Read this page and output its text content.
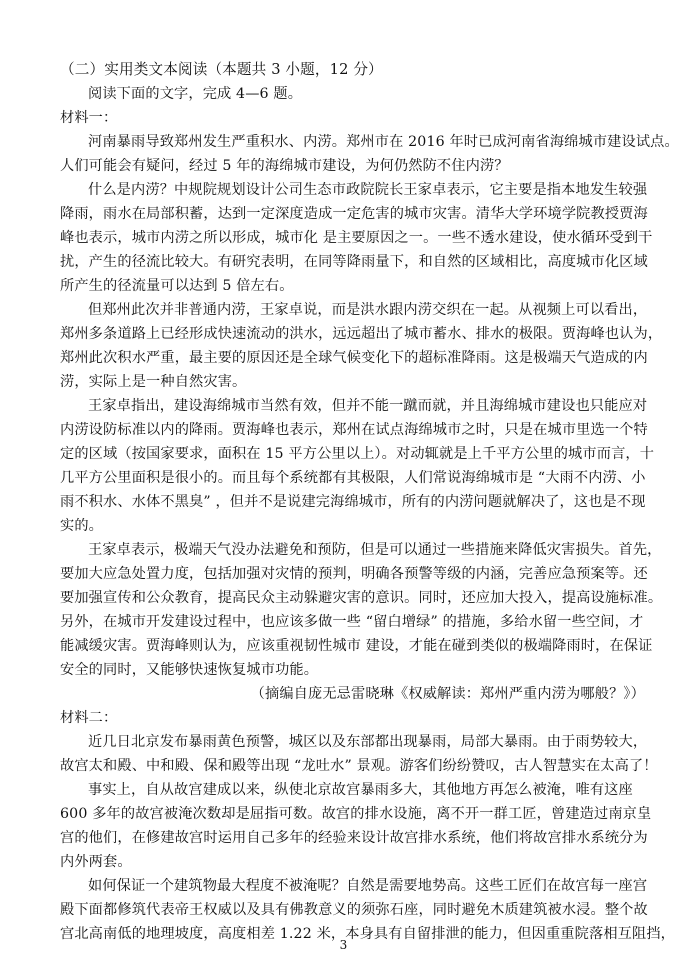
（二）实用类文本阅读（本题共 3 小题，12 分）
阅读下面的文字，完成 4—6 题。
材料一：
河南暴雨导致郑州发生严重积水、内涝。郑州市在 2016 年时已成河南省海绵城市建设试点。
人们可能会有疑问，经过 5 年的海绵城市建设，为何仍然防不住内涝？
什么是内涝？中规院规划设计公司生态市政院院长王家卓表示，它主要是指本地发生较强
降雨，雨水在局部积蓄，达到一定深度造成一定危害的城市灾害。清华大学环境学院教授贾海
峰也表示，城市内涝之所以形成，城市化 是主要原因之一。一些不透水建设，使水循环受到干
扰，产生的径流比较大。有研究表明，在同等降雨量下，和自然的区域相比，高度城市化区域
所产生的径流量可以达到 5 倍左右。
但郑州此次并非普通内涝，王家卓说，而是洪水跟内涝交织在一起。从视频上可以看出，
郑州多条道路上已经形成快速流动的洪水，远远超出了城市蓄水、排水的极限。贾海峰也认为，
郑州此次积水严重，最主要的原因还是全球气候变化下的超标准降雨。这是极端天气造成的内
涝，实际上是一种自然灾害。
王家卓指出，建设海绵城市当然有效，但并不能一蹴而就，并且海绵城市建设也只能应对
内涝设防标准以内的降雨。贾海峰也表示，郑州在试点海绵城市之时，只是在城市里选一个特
定的区域（按国家要求，面积在 15 平方公里以上）。对动辄就是上千平方公里的城市而言，十
几平方公里面积是很小的。而且每个系统都有其极限，人们常说海绵城市是 “大雨不内涝、小
雨不积水、水体不黑臭” ，但并不是说建完海绵城市，所有的内涝问题就解决了，这也是不现
实的。
王家卓表示，极端天气没办法避免和预防，但是可以通过一些措施来降低灾害损失。首先，
要加大应急处置力度，包括加强对灾情的预判，明确各预警等级的内涵，完善应急预案等。还
要加强宣传和公众教育，提高民众主动躲避灾害的意识。同时，还应加大投入，提高设施标准。
另外，在城市开发建设过程中，也应该多做一些 “留白增绿” 的措施，多给水留一些空间，才
能减缓灾害。贾海峰则认为，应该重视韧性城市 建设，才能在碰到类似的极端降雨时，在保证
安全的同时，又能够快速恢复城市功能。
（摘编自庞无忌雷晓琳《权威解读：郑州严重内涝为哪般？》）
材料二：
近几日北京发布暴雨黄色预警，城区以及东部都出现暴雨，局部大暴雨。由于雨势较大，
故宫太和殿、中和殿、保和殿等出现 “龙吐水” 景观。游客们纷纷赞叹，古人智慧实在太高了！
事实上，自从故宫建成以来，纵使北京故宫暴雨多大，其他地方再怎么被淹，唯有这座
600 多年的故宫被淹次数却是屈指可数。故宫的排水设施，离不开一群工匠，曾建造过南京皇
宫的他们，在修建故宫时运用自己多年的经验来设计故宫排水系统，他们将故宫排水系统分为
内外两套。
如何保证一个建筑物最大程度不被淹呢？自然是需要地势高。这些工匠们在故宫每一座宫
殿下面都修筑代表帝王权威以及具有佛教意义的须弥石座，同时避免木质建筑被水浸。整个故
宫北高南低的地理坡度，高度相差 1.22 米，本身具有自留排泄的能力，但因重重院落相互阻挡，
3
